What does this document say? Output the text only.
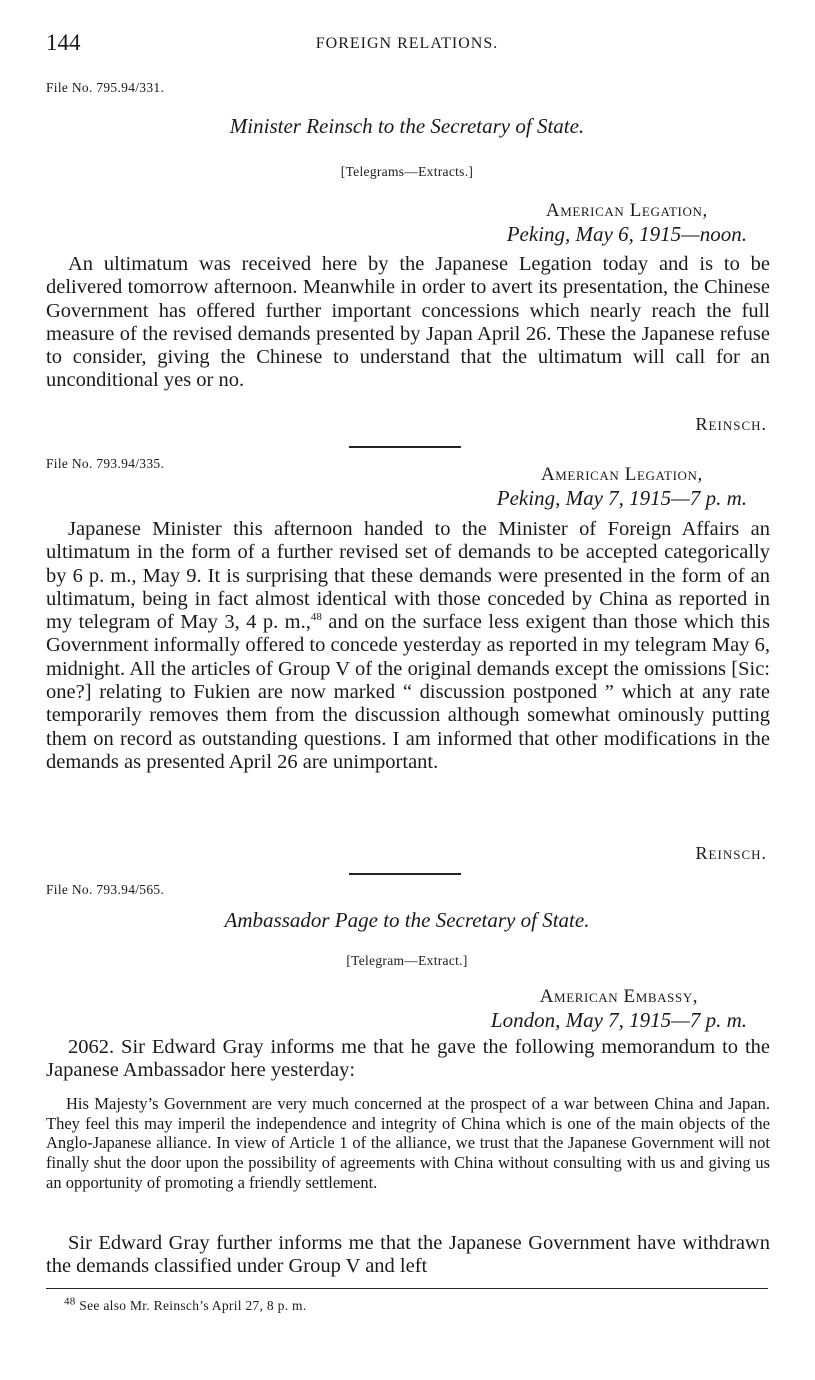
144	FOREIGN RELATIONS.
File No. 795.94/331.
Minister Reinsch to the Secretary of State.
[Telegrams—Extracts.]
American Legation,
Peking, May 6, 1915—noon.

An ultimatum was received here by the Japanese Legation today and is to be delivered tomorrow afternoon. Meanwhile in order to avert its presentation, the Chinese Government has offered further important concessions which nearly reach the full measure of the revised demands presented by Japan April 26. These the Japanese refuse to consider, giving the Chinese to understand that the ultimatum will call for an unconditional yes or no.

Reinsch.
File No. 793.94/335.
American Legation,
Peking, May 7, 1915—7 p. m.

Japanese Minister this afternoon handed to the Minister of Foreign Affairs an ultimatum in the form of a further revised set of demands to be accepted categorically by 6 p. m., May 9. It is surprising that these demands were presented in the form of an ultimatum, being in fact almost identical with those conceded by China as reported in my telegram of May 3, 4 p. m.,$^{48}$ and on the surface less exigent than those which this Government informally offered to concede yesterday as reported in my telegram May 6, midnight. All the articles of Group V of the original demands except the omissions [Sic: one?] relating to Fukien are now marked “ discussion postponed ” which at any rate temporarily removes them from the discussion although somewhat ominously putting them on record as outstanding questions. I am informed that other modifications in the demands as presented April 26 are unimportant.

Reinsch.
File No. 793.94/565.
Ambassador Page to the Secretary of State.
[Telegram—Extract.]
American Embassy,
London, May 7, 1915—7 p. m.

2062. Sir Edward Gray informs me that he gave the following memorandum to the Japanese Ambassador here yesterday:

His Majesty’s Government are very much concerned at the prospect of a war between China and Japan. They feel this may imperil the independence and integrity of China which is one of the main objects of the Anglo-Japanese alliance. In view of Article 1 of the alliance, we trust that the Japanese Government will not finally shut the door upon the possibility of agreements with China without consulting with us and giving us an opportunity of promoting a friendly settlement.

Sir Edward Gray further informs me that the Japanese Government have withdrawn the demands classified under Group V and left

$^{48}$ See also Mr. Reinsch’s April 27, 8 p. m.
